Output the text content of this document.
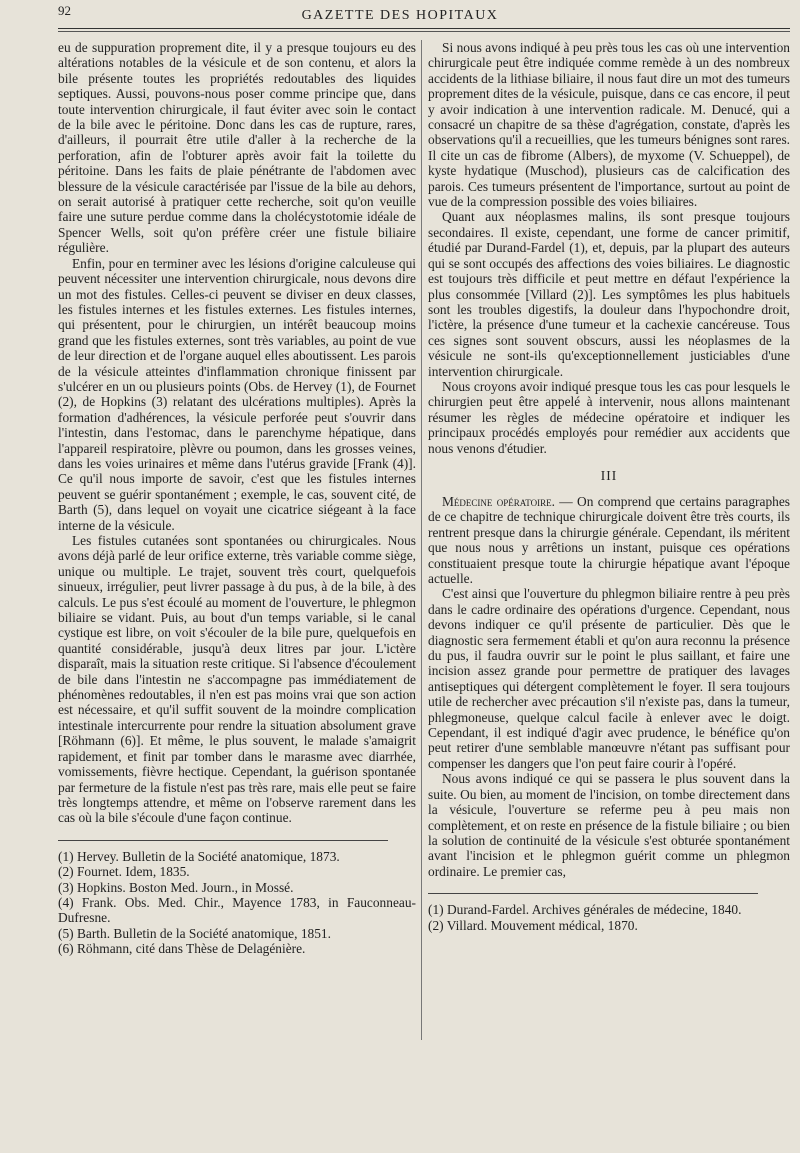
92	GAZETTE DES HOPITAUX

eu de suppuration proprement dite, il y a presque toujours eu des altérations notables de la vésicule et de son contenu, et alors la bile présente toutes les propriétés redoutables des liquides septiques. Aussi, pouvons-nous poser comme principe que, dans toute intervention chirurgicale, il faut éviter avec soin le contact de la bile avec le péritoine. Donc dans les cas de rupture, rares, d'ailleurs, il pourrait être utile d'aller à la recherche de la perforation, afin de l'obturer après avoir fait la toilette du péritoine. Dans les faits de plaie pénétrante de l'abdomen avec blessure de la vésicule caractérisée par l'issue de la bile au dehors, on serait autorisé à pratiquer cette recherche, soit qu'on veuille faire une suture perdue comme dans la cholécystotomie idéale de Spencer Wells, soit qu'on préfère créer une fistule biliaire régulière.

Enfin, pour en terminer avec les lésions d'origine calculeuse qui peuvent nécessiter une intervention chirurgicale, nous devons dire un mot des fistules. Celles-ci peuvent se diviser en deux classes, les fistules internes et les fistules externes. Les fistules internes, qui présentent, pour le chirurgien, un intérêt beaucoup moins grand que les fistules externes, sont très variables, au point de vue de leur direction et de l'organe auquel elles aboutissent. Les parois de la vésicule atteintes d'inflammation chronique finissent par s'ulcérer en un ou plusieurs points (Obs. de Hervey (1), de Fournet (2), de Hopkins (3) relatant des ulcérations multiples). Après la formation d'adhérences, la vésicule perforée peut s'ouvrir dans l'intestin, dans l'estomac, dans le parenchyme hépatique, dans l'appareil respiratoire, plèvre ou poumon, dans les grosses veines, dans les voies urinaires et même dans l'utérus gravide [Frank (4)]. Ce qu'il nous importe de savoir, c'est que les fistules internes peuvent se guérir spontanément ; exemple, le cas, souvent cité, de Barth (5), dans lequel on voyait une cicatrice siégeant à la face interne de la vésicule.

Les fistules cutanées sont spontanées ou chirurgicales. Nous avons déjà parlé de leur orifice externe, très variable comme siège, unique ou multiple. Le trajet, souvent très court, quelquefois sinueux, irrégulier, peut livrer passage à du pus, à de la bile, à des calculs. Le pus s'est écoulé au moment de l'ouverture, le phlegmon biliaire se vidant. Puis, au bout d'un temps variable, si le canal cystique est libre, on voit s'écouler de la bile pure, quelquefois en quantité considérable, jusqu'à deux litres par jour. L'ictère disparaît, mais la situation reste critique. Si l'absence d'écoulement de bile dans l'intestin ne s'accompagne pas immédiatement de phénomènes redoutables, il n'en est pas moins vrai que son action est nécessaire, et qu'il suffit souvent de la moindre complication intestinale intercurrente pour rendre la situation absolument grave [Röhmann (6)]. Et même, le plus souvent, le malade s'amaigrit rapidement, et finit par tomber dans le marasme avec diarrhée, vomissements, fièvre hectique. Cependant, la guérison spontanée par fermeture de la fistule n'est pas très rare, mais elle peut se faire très longtemps attendre, et même on l'observe rarement dans les cas où la bile s'écoule d'une façon continue.

(1) Hervey. Bulletin de la Société anatomique, 1873.

(2) Fournet. Idem, 1835.

(3) Hopkins. Boston Med. Journ., in Mossé.

(4) Frank. Obs. Med. Chir., Mayence 1783, in Fauconneau-Dufresne.

(5) Barth. Bulletin de la Société anatomique, 1851.

(6) Röhmann, cité dans Thèse de Delagénière.

Si nous avons indiqué à peu près tous les cas où une intervention chirurgicale peut être indiquée comme remède à un des nombreux accidents de la lithiase biliaire, il nous faut dire un mot des tumeurs proprement dites de la vésicule, puisque, dans ce cas encore, il peut y avoir indication à une intervention radicale. M. Denucé, qui a consacré un chapitre de sa thèse d'agrégation, constate, d'après les observations qu'il a recueillies, que les tumeurs bénignes sont rares. Il cite un cas de fibrome (Albers), de myxome (V. Schueppel), de kyste hydatique (Muschod), plusieurs cas de calcification des parois. Ces tumeurs présentent de l'importance, surtout au point de vue de la compression possible des voies biliaires.

Quant aux néoplasmes malins, ils sont presque toujours secondaires. Il existe, cependant, une forme de cancer primitif, étudié par Durand-Fardel (1), et, depuis, par la plupart des auteurs qui se sont occupés des affections des voies biliaires. Le diagnostic est toujours très difficile et peut mettre en défaut l'expérience la plus consommée [Villard (2)]. Les symptômes les plus habituels sont les troubles digestifs, la douleur dans l'hypochondre droit, l'ictère, la présence d'une tumeur et la cachexie cancéreuse. Tous ces signes sont souvent obscurs, aussi les néoplasmes de la vésicule ne sont-ils qu'exceptionnellement justiciables d'une intervention chirurgicale.

Nous croyons avoir indiqué presque tous les cas pour lesquels le chirurgien peut être appelé à intervenir, nous allons maintenant résumer les règles de médecine opératoire et indiquer les principaux procédés employés pour remédier aux accidents que nous venons d'étudier.

III

Médecine opératoire. — On comprend que certains paragraphes de ce chapitre de technique chirurgicale doivent être très courts, ils rentrent presque dans la chirurgie générale. Cependant, ils méritent que nous nous y arrêtions un instant, puisque ces opérations constituaient presque toute la chirurgie hépatique avant l'époque actuelle.

C'est ainsi que l'ouverture du phlegmon biliaire rentre à peu près dans le cadre ordinaire des opérations d'urgence. Cependant, nous devons indiquer ce qu'il présente de particulier. Dès que le diagnostic sera fermement établi et qu'on aura reconnu la présence du pus, il faudra ouvrir sur le point le plus saillant, et faire une incision assez grande pour permettre de pratiquer des lavages antiseptiques qui détergent complètement le foyer. Il sera toujours utile de rechercher avec précaution s'il n'existe pas, dans la tumeur, phlegmoneuse, quelque calcul facile à enlever avec le doigt. Cependant, il est indiqué d'agir avec prudence, le bénéfice qu'on peut retirer d'une semblable manœuvre n'étant pas suffisant pour compenser les dangers que l'on peut faire courir à l'opéré.

Nous avons indiqué ce qui se passera le plus souvent dans la suite. Ou bien, au moment de l'incision, on tombe directement dans la vésicule, l'ouverture se referme peu à peu mais non complètement, et on reste en présence de la fistule biliaire ; ou bien la solution de continuité de la vésicule s'est obturée spontanément avant l'incision et le phlegmon guérit comme un phlegmon ordinaire. Le premier cas,

(1) Durand-Fardel. Archives générales de médecine, 1840.

(2) Villard. Mouvement médical, 1870.
